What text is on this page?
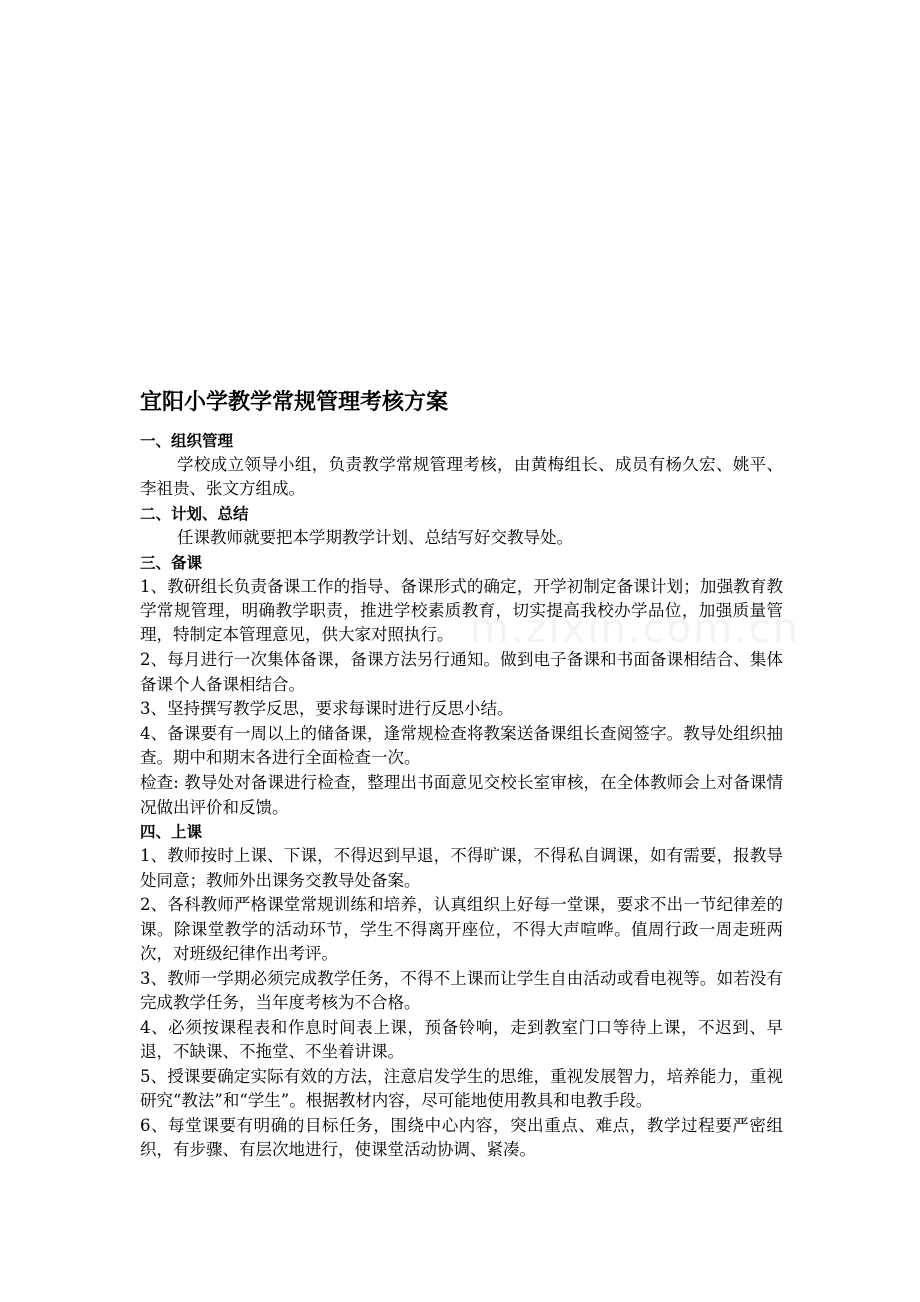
宜阳小学教学常规管理考核方案
一、组织管理

学校成立领导小组，负责教学常规管理考核，由黄梅组长、成员有杨久宏、姚平、李祖贵、张文方组成。

二、计划、总结

任课教师就要把本学期教学计划、总结写好交教导处。

三、备课

1、教研组长负责备课工作的指导、备课形式的确定，开学初制定备课计划；加强教育教学常规管理，明确教学职责，推进学校素质教育，切实提高我校办学品位，加强质量管理，特制定本管理意见，供大家对照执行。

2、每月进行一次集体备课，备课方法另行通知。做到电子备课和书面备课相结合、集体备课个人备课相结合。

3、坚持撰写教学反思，要求每课时进行反思小结。

4、备课要有一周以上的储备课，逢常规检查将教案送备课组长查阅签字。教导处组织抽查。期中和期末各进行全面检查一次。

检查: 教导处对备课进行检查，整理出书面意见交校长室审核，在全体教师会上对备课情况做出评价和反馈。

四、上课

1、教师按时上课、下课，不得迟到早退，不得旷课，不得私自调课，如有需要，报教导处同意；教师外出课务交教导处备案。

2、各科教师严格课堂常规训练和培养，认真组织上好每一堂课，要求不出一节纪律差的课。除课堂教学的活动环节，学生不得离开座位，不得大声喧哗。值周行政一周走班两次，对班级纪律作出考评。

3、教师一学期必须完成教学任务，不得不上课而让学生自由活动或看电视等。如若没有完成教学任务，当年度考核为不合格。

4、必须按课程表和作息时间表上课，预备铃响，走到教室门口等待上课，不迟到、早退，不缺课、不拖堂、不坐着讲课。

5、授课要确定实际有效的方法，注意启发学生的思维，重视发展智力，培养能力，重视研究“教法”和“学生”。根据教材内容，尽可能地使用教具和电教手段。

6、每堂课要有明确的目标任务，围绕中心内容，突出重点、难点，教学过程要严密组织，有步骤、有层次地进行，使课堂活动协调、紧凑。
